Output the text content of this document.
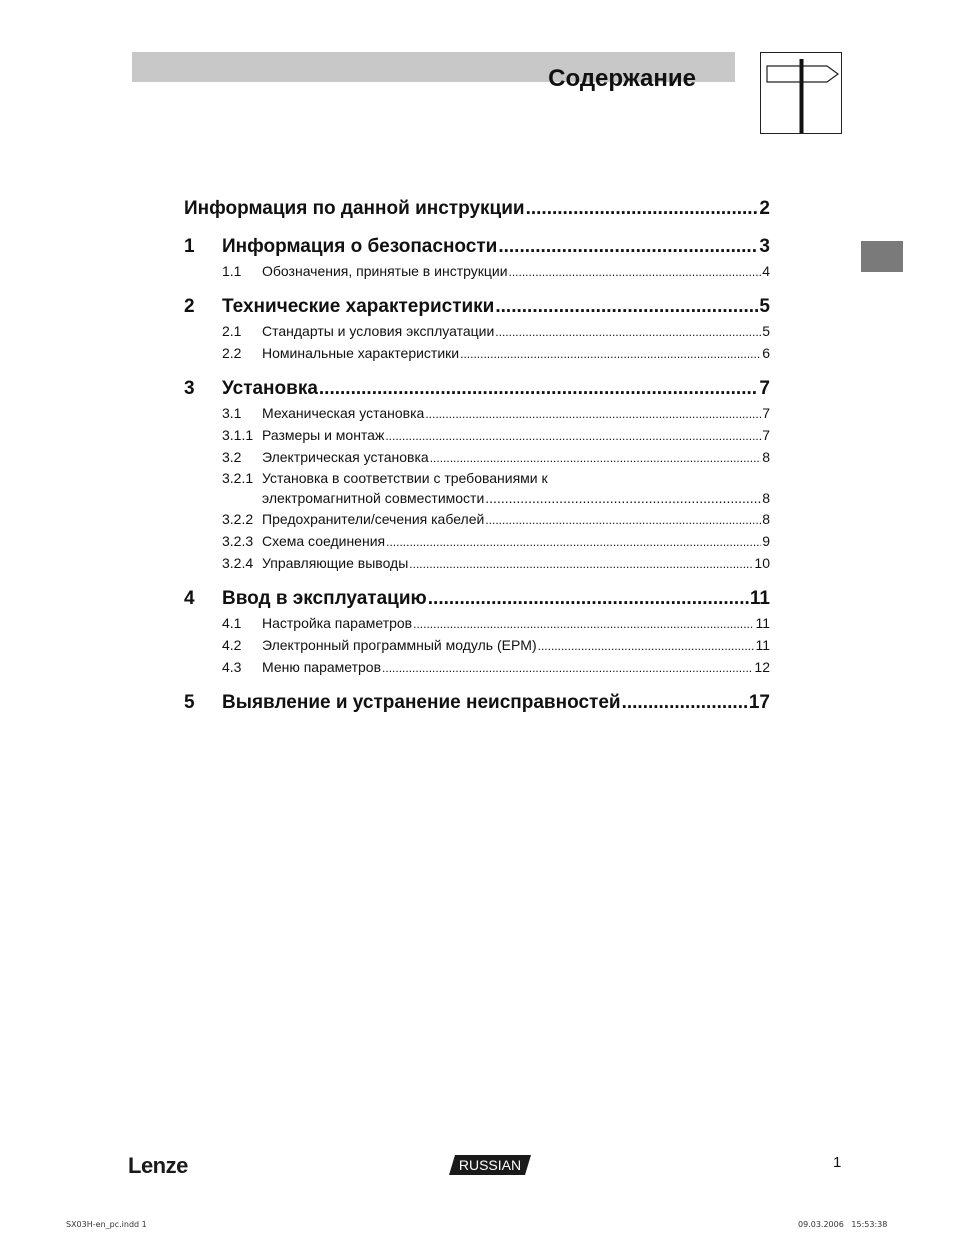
Содержание
Информация по данной инструкции .....	2
1	Информация о безопасности .....	3
1.1	Обозначения, принятые в инструкции .....	4
2	Технические характеристики .....	5
2.1	Стандарты и условия эксплуатации .....	5
2.2	Номинальные характеристики .....	6
3	Установка .....	7
3.1	Механическая установка .....	7
3.1.1 Размеры и монтаж .....	7
3.2	Электрическая установка .....	8
3.2.1 Установка в соответствии с требованиями к
электромагнитной совместимости .....	8
3.2.2 Предохранители/сечения кабелей .....	8
3.2.3 Схема соединения .....	9
3.2.4 Управляющие выводы .....	10
4	Ввод в эксплуатацию .....	11
4.1	Настройка параметров .....	11
4.2	Электронный программный модуль (EPM) .....	11
4.3	Меню параметров .....	12
5	Выявление и устранение неисправностей .....	17
Lenze	RUSSIAN	1
SX03H-en_pc.indd 1	09.03.2006   15:53:38
